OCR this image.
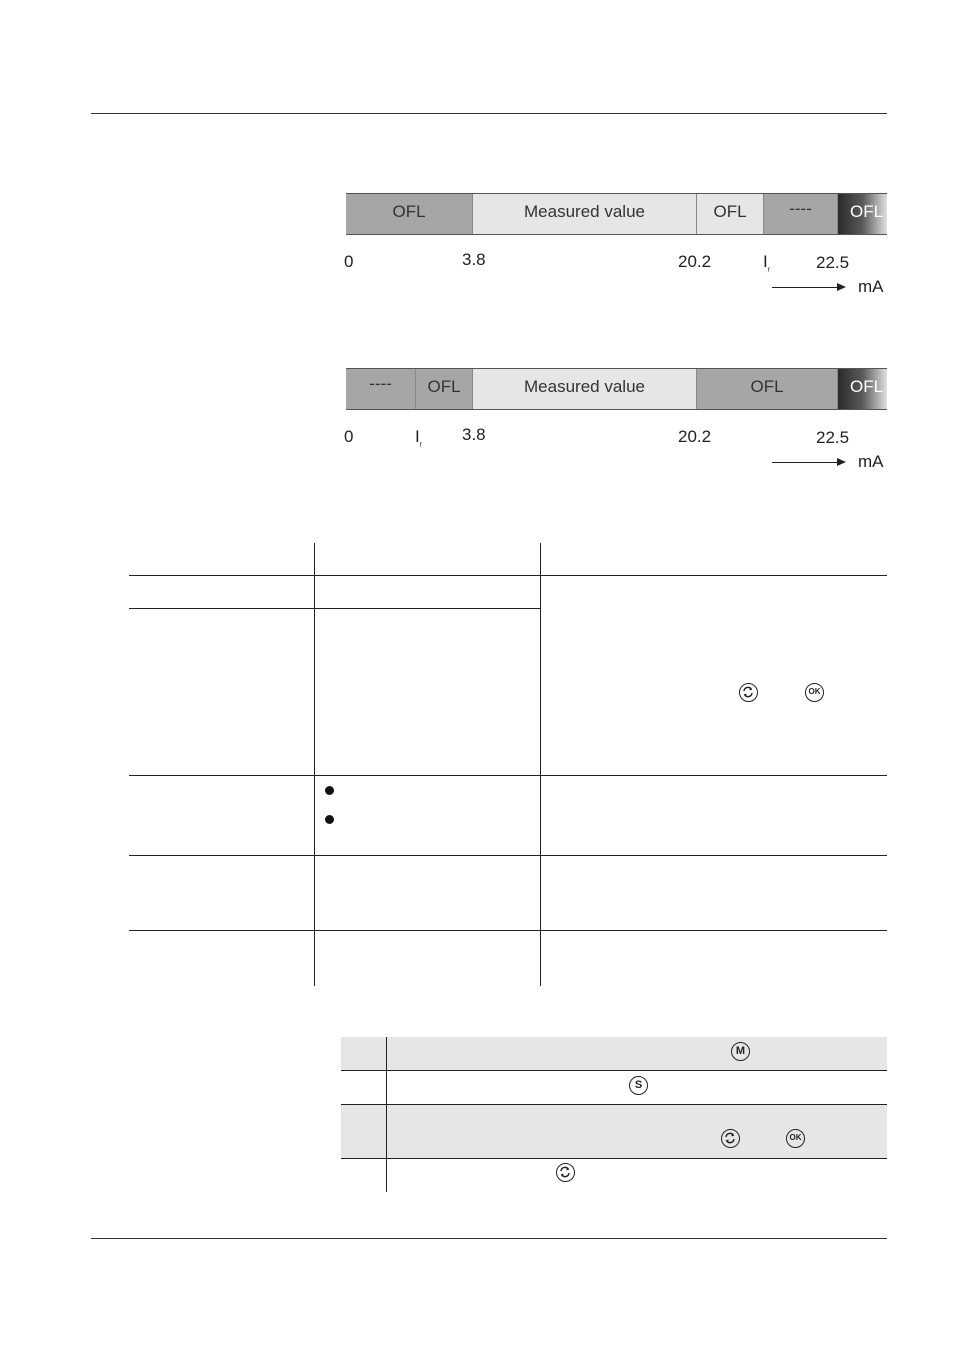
OFL	Measured value	OFL	----	OFL
0	3.8	20.2	$I_r$	22.5
mA
----	OFL	Measured value	OFL	OFL
0	$I_r$
3.8	20.2	22.5
mA
OK
M
S
OK
